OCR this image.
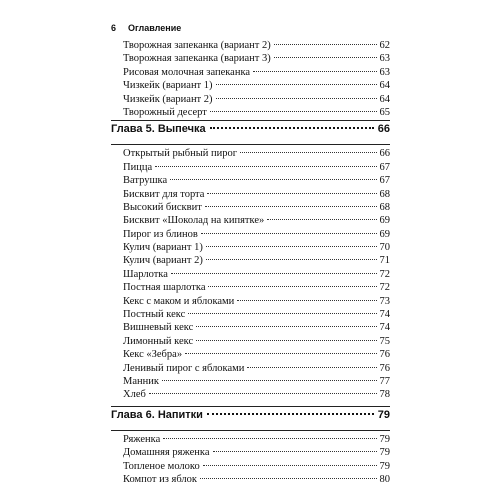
6 Оглавление
Творожная запеканка (вариант 2)	62
Творожная запеканка (вариант 3)	63
Рисовая молочная запеканка	63
Чизкейк (вариант 1)	64
Чизкейк (вариант 2)	64
Творожный десерт	65
Глава 5. Выпечка	66
Открытый рыбный пирог	66
Пицца	67
Ватрушка	67
Бисквит для торта	68
Высокий бисквит	68
Бисквит «Шоколад на кипятке»	69
Пирог из блинов	69
Кулич (вариант 1)	70
Кулич (вариант 2)	71
Шарлотка	72
Постная шарлотка	72
Кекс с маком и яблоками	73
Постный кекс	74
Вишневый кекс	74
Лимонный кекс	75
Кекс «Зебра»	76
Ленивый пирог с яблоками	76
Манник	77
Хлеб	78
Глава 6. Напитки	79
Ряженка	79
Домашняя ряженка	79
Топленое молоко	79
Компот из яблок	80
